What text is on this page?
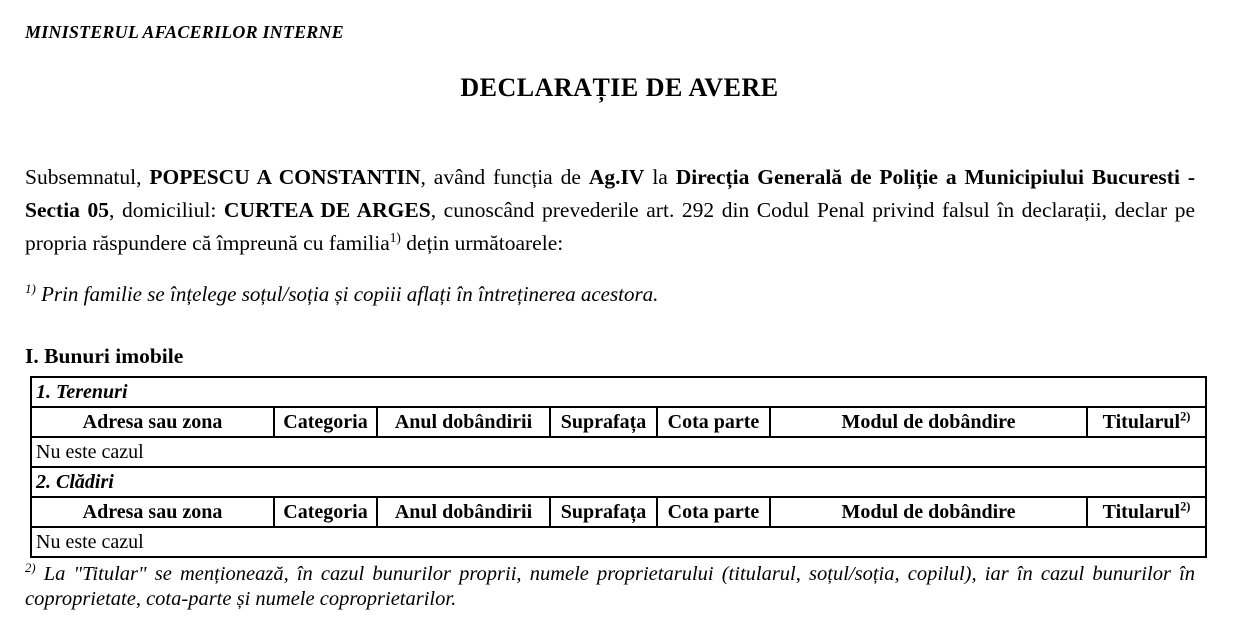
MINISTERUL AFACERILOR INTERNE
DECLARAȚIE DE AVERE

Subsemnatul, POPESCU A CONSTANTIN, având funcția de Ag.IV la Direcția Generală de Poliție a Municipiului Bucuresti - Sectia 05, domiciliul: CURTEA DE ARGES, cunoscând prevederile art. 292 din Codul Penal privind falsul în declarații, declar pe propria răspundere că împreună cu familia$^{1)}$ dețin următoarele:

$^{1)}$ Prin familie se înțelege soțul/soția și copiii aflați în întreținerea acestora.

I. Bunuri imobile
1. Terenuri						
Adresa sau zona	Categoria	Anul dobândirii	Suprafața	Cota parte	Modul de dobândire	Titularul$^{2)}$
Nu este cazul						
2. Clădiri						
Adresa sau zona	Categoria	Anul dobândirii	Suprafața	Cota parte	Modul de dobândire	Titularul$^{2)}$
Nu este cazul						

$^{2)}$ La "Titular" se menționează, în cazul bunurilor proprii, numele proprietarului (titularul, soțul/soția, copilul), iar în cazul bunurilor în coproprietate, cota-parte și numele coproprietarilor.
